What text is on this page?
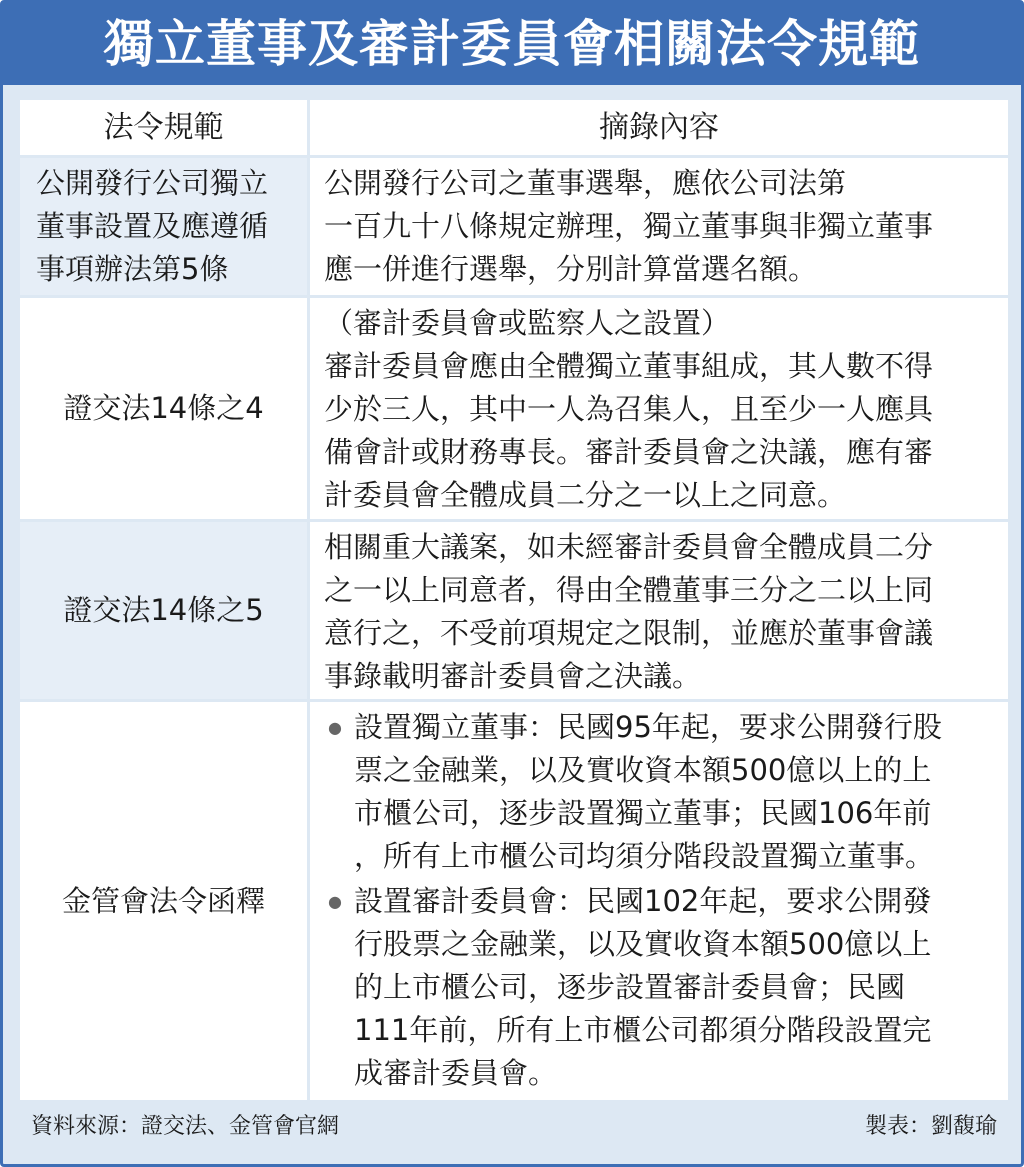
獨立董事及審計委員會相關法令規範
法令規範	摘錄內容

公開發行公司獨立
董事設置及應遵循
事項辦法第5條

公開發行公司之董事選舉，應依公司法第
一百九十八條規定辦理，獨立董事與非獨立董事
應一併進行選舉，分別計算當選名額。

證交法14條之4

（審計委員會或監察人之設置）
審計委員會應由全體獨立董事組成，其人數不得
少於三人，其中一人為召集人，且至少一人應具
備會計或財務專長。審計委員會之決議，應有審
計委員會全體成員二分之一以上之同意。

證交法14條之5

相關重大議案，如未經審計委員會全體成員二分
之一以上同意者，得由全體董事三分之二以上同
意行之，不受前項規定之限制，並應於董事會議
事錄載明審計委員會之決議。

金管會法令函釋

● 設置獨立董事：民國95年起，要求公開發行股
票之金融業，以及實收資本額500億以上的上
市櫃公司，逐步設置獨立董事；民國106年前
，所有上市櫃公司均須分階段設置獨立董事。
● 設置審計委員會：民國102年起，要求公開發
行股票之金融業，以及實收資本額500億以上
的上市櫃公司，逐步設置審計委員會；民國
111年前，所有上市櫃公司都須分階段設置完
成審計委員會。
資料來源：證交法、金管會官網	製表：劉馥瑜
